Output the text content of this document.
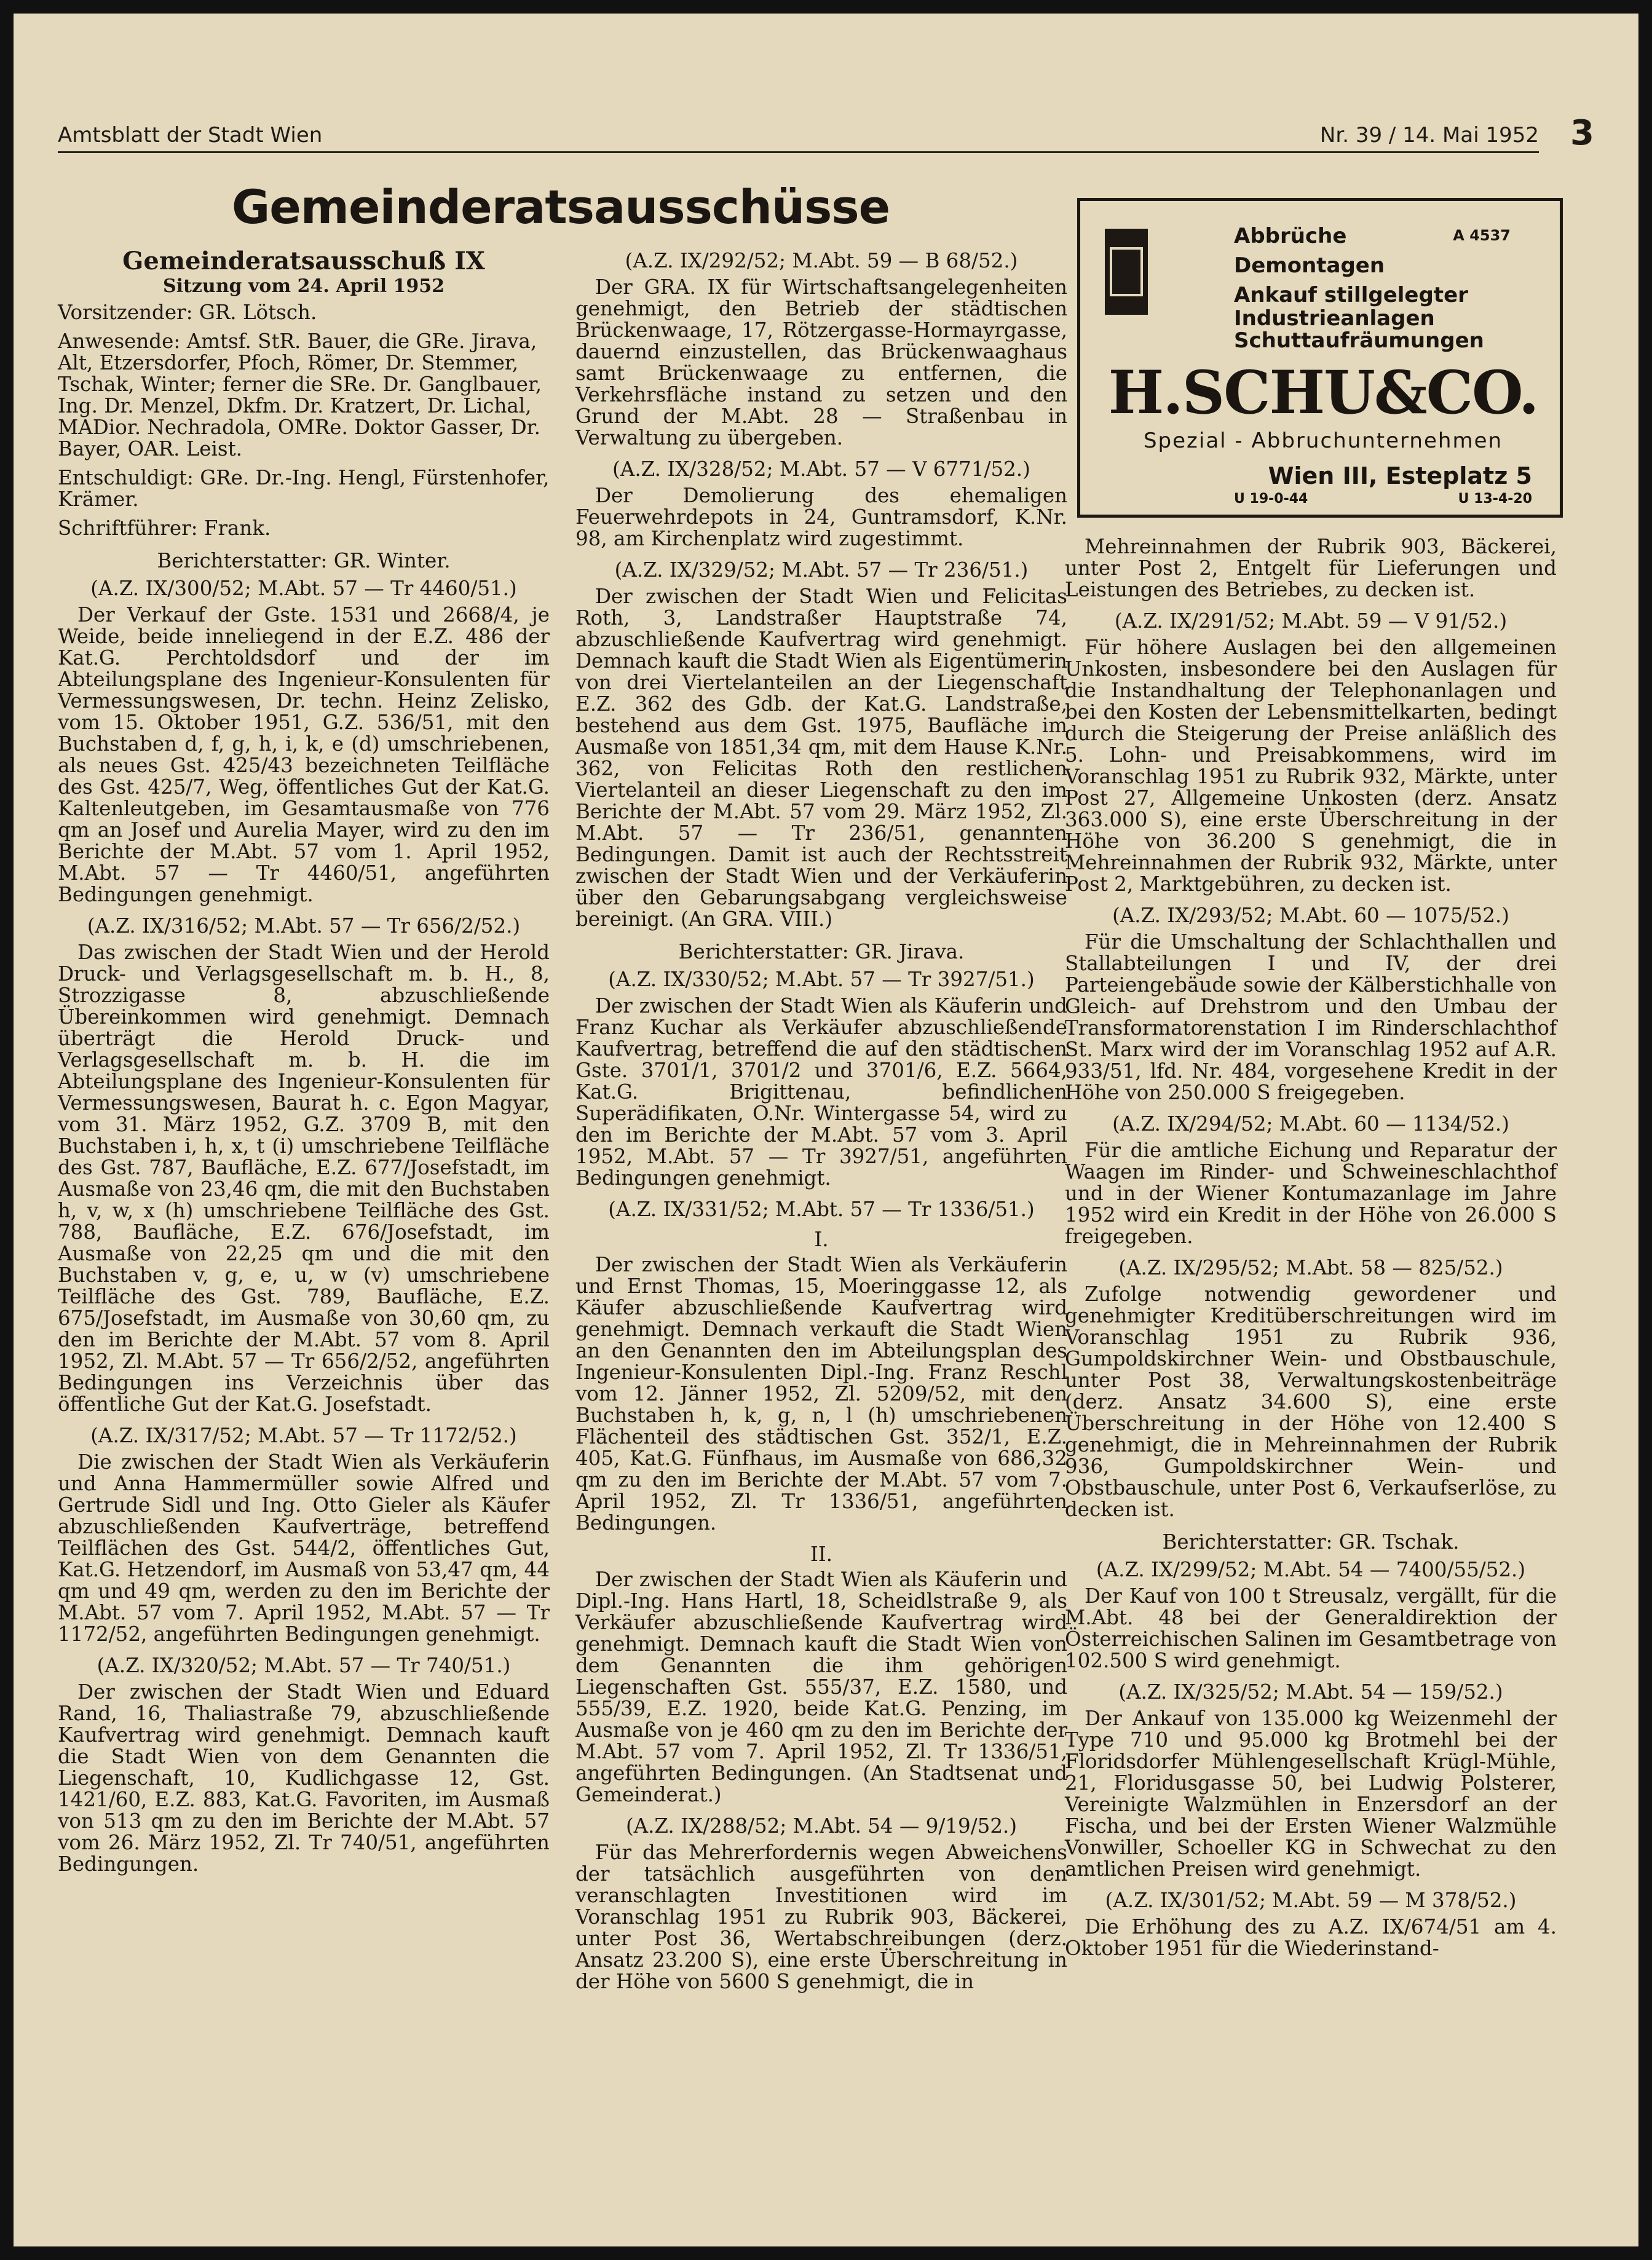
Amtsblatt der Stadt Wien	Nr. 39 / 14. Mai 1952 3
Gemeinderatsausschüsse
Gemeinderatsausschuß IX
Sitzung vom 24. April 1952

Vorsitzender: GR. Lötsch.

Anwesende: Amtsf. StR. Bauer, die GRe. Jirava, Alt, Etzersdorfer, Pfoch, Römer, Dr. Stemmer, Tschak, Winter; ferner die SRe. Dr. Ganglbauer, Ing. Dr. Menzel, Dkfm. Dr. Kratzert, Dr. Lichal, MADior. Nechradola, OMRe. Doktor Gasser, Dr. Bayer, OAR. Leist.

Entschuldigt: GRe. Dr.-Ing. Hengl, Fürstenhofer, Krämer.

Schriftführer: Frank.

Berichterstatter: GR. Winter.

(A.Z. IX/300/52; M.Abt. 57 — Tr 4460/51.)

Der Verkauf der Gste. 1531 und 2668/4, je Weide, beide inneliegend in der E.Z. 486 der Kat.G. Perchtoldsdorf und der im Abteilungsplane des Ingenieur-Konsulenten für Vermessungswesen, Dr. techn. Heinz Zelisko, vom 15. Oktober 1951, G.Z. 536/51, mit den Buchstaben d, f, g, h, i, k, e (d) umschriebenen, als neues Gst. 425/43 bezeichneten Teilfläche des Gst. 425/7, Weg, öffentliches Gut der Kat.G. Kaltenleutgeben, im Gesamtausmaße von 776 qm an Josef und Aurelia Mayer, wird zu den im Berichte der M.Abt. 57 vom 1. April 1952, M.Abt. 57 — Tr 4460/51, angeführten Bedingungen genehmigt.

(A.Z. IX/316/52; M.Abt. 57 — Tr 656/2/52.)

Das zwischen der Stadt Wien und der Herold Druck- und Verlagsgesellschaft m. b. H., 8, Strozzigasse 8, abzuschließende Übereinkommen wird genehmigt. Demnach überträgt die Herold Druck- und Verlagsgesellschaft m. b. H. die im Abteilungsplane des Ingenieur-Konsulenten für Vermessungswesen, Baurat h. c. Egon Magyar, vom 31. März 1952, G.Z. 3709 B, mit den Buchstaben i, h, x, t (i) umschriebene Teilfläche des Gst. 787, Baufläche, E.Z. 677/Josefstadt, im Ausmaße von 23,46 qm, die mit den Buchstaben h, v, w, x (h) umschriebene Teilfläche des Gst. 788, Baufläche, E.Z. 676/Josefstadt, im Ausmaße von 22,25 qm und die mit den Buchstaben v, g, e, u, w (v) umschriebene Teilfläche des Gst. 789, Baufläche, E.Z. 675/Josefstadt, im Ausmaße von 30,60 qm, zu den im Berichte der M.Abt. 57 vom 8. April 1952, Zl. M.Abt. 57 — Tr 656/2/52, angeführten Bedingungen ins Verzeichnis über das öffentliche Gut der Kat.G. Josefstadt.

(A.Z. IX/317/52; M.Abt. 57 — Tr 1172/52.)

Die zwischen der Stadt Wien als Verkäuferin und Anna Hammermüller sowie Alfred und Gertrude Sidl und Ing. Otto Gieler als Käufer abzuschließenden Kaufverträge, betreffend Teilflächen des Gst. 544/2, öffentliches Gut, Kat.G. Hetzendorf, im Ausmaß von 53,47 qm, 44 qm und 49 qm, werden zu den im Berichte der M.Abt. 57 vom 7. April 1952, M.Abt. 57 — Tr 1172/52, angeführten Bedingungen genehmigt.

(A.Z. IX/320/52; M.Abt. 57 — Tr 740/51.)

Der zwischen der Stadt Wien und Eduard Rand, 16, Thaliastraße 79, abzuschließende Kaufvertrag wird genehmigt. Demnach kauft die Stadt Wien von dem Genannten die Liegenschaft, 10, Kudlichgasse 12, Gst. 1421/60, E.Z. 883, Kat.G. Favoriten, im Ausmaß von 513 qm zu den im Berichte der M.Abt. 57 vom 26. März 1952, Zl. Tr 740/51, angeführten Bedingungen.

(A.Z. IX/292/52; M.Abt. 59 — B 68/52.)

Der GRA. IX für Wirtschaftsangelegenheiten genehmigt, den Betrieb der städtischen Brückenwaage, 17, Rötzergasse-Hormayrgasse, dauernd einzustellen, das Brückenwaaghaus samt Brückenwaage zu entfernen, die Verkehrsfläche instand zu setzen und den Grund der M.Abt. 28 — Straßenbau in Verwaltung zu übergeben.

(A.Z. IX/328/52; M.Abt. 57 — V 6771/52.)

Der Demolierung des ehemaligen Feuerwehrdepots in 24, Guntramsdorf, K.Nr. 98, am Kirchenplatz wird zugestimmt.

(A.Z. IX/329/52; M.Abt. 57 — Tr 236/51.)

Der zwischen der Stadt Wien und Felicitas Roth, 3, Landstraßer Hauptstraße 74, abzuschließende Kaufvertrag wird genehmigt. Demnach kauft die Stadt Wien als Eigentümerin von drei Viertelanteilen an der Liegenschaft E.Z. 362 des Gdb. der Kat.G. Landstraße, bestehend aus dem Gst. 1975, Baufläche im Ausmaße von 1851,34 qm, mit dem Hause K.Nr. 362, von Felicitas Roth den restlichen Viertelanteil an dieser Liegenschaft zu den im Berichte der M.Abt. 57 vom 29. März 1952, Zl. M.Abt. 57 — Tr 236/51, genannten Bedingungen. Damit ist auch der Rechtsstreit zwischen der Stadt Wien und der Verkäuferin über den Gebarungsabgang vergleichsweise bereinigt. (An GRA. VIII.)

Berichterstatter: GR. Jirava.

(A.Z. IX/330/52; M.Abt. 57 — Tr 3927/51.)

Der zwischen der Stadt Wien als Käuferin und Franz Kuchar als Verkäufer abzuschließende Kaufvertrag, betreffend die auf den städtischen Gste. 3701/1, 3701/2 und 3701/6, E.Z. 5664, Kat.G. Brigittenau, befindlichen Superädifikaten, O.Nr. Wintergasse 54, wird zu den im Berichte der M.Abt. 57 vom 3. April 1952, M.Abt. 57 — Tr 3927/51, angeführten Bedingungen genehmigt.

(A.Z. IX/331/52; M.Abt. 57 — Tr 1336/51.)

I.

Der zwischen der Stadt Wien als Verkäuferin und Ernst Thomas, 15, Moeringgasse 12, als Käufer abzuschließende Kaufvertrag wird genehmigt. Demnach verkauft die Stadt Wien an den Genannten den im Abteilungsplan des Ingenieur-Konsulenten Dipl.-Ing. Franz Reschl vom 12. Jänner 1952, Zl. 5209/52, mit den Buchstaben h, k, g, n, l (h) umschriebenen Flächenteil des städtischen Gst. 352/1, E.Z. 405, Kat.G. Fünfhaus, im Ausmaße von 686,32 qm zu den im Berichte der M.Abt. 57 vom 7. April 1952, Zl. Tr 1336/51, angeführten Bedingungen.

II.

Der zwischen der Stadt Wien als Käuferin und Dipl.-Ing. Hans Hartl, 18, Scheidlstraße 9, als Verkäufer abzuschließende Kaufvertrag wird genehmigt. Demnach kauft die Stadt Wien von dem Genannten die ihm gehörigen Liegenschaften Gst. 555/37, E.Z. 1580, und 555/39, E.Z. 1920, beide Kat.G. Penzing, im Ausmaße von je 460 qm zu den im Berichte der M.Abt. 57 vom 7. April 1952, Zl. Tr 1336/51, angeführten Bedingungen. (An Stadtsenat und Gemeinderat.)

(A.Z. IX/288/52; M.Abt. 54 — 9/19/52.)

Für das Mehrerfordernis wegen Abweichens der tatsächlich ausgeführten von den veranschlagten Investitionen wird im Voranschlag 1951 zu Rubrik 903, Bäckerei, unter Post 36, Wertabschreibungen (derz. Ansatz 23.200 S), eine erste Überschreitung in der Höhe von 5600 S genehmigt, die in

A 4537
Abbrüche
Demontagen
Ankauf stillgelegter Industrieanlagen
Schuttaufräumungen
H.SCHU&CO.
Spezial - Abbruchunternehmen
Wien III, Esteplatz 5
U 19-0-44	U 13-4-20

Mehreinnahmen der Rubrik 903, Bäckerei, unter Post 2, Entgelt für Lieferungen und Leistungen des Betriebes, zu decken ist.

(A.Z. IX/291/52; M.Abt. 59 — V 91/52.)

Für höhere Auslagen bei den allgemeinen Unkosten, insbesondere bei den Auslagen für die Instandhaltung der Telephonanlagen und bei den Kosten der Lebensmittelkarten, bedingt durch die Steigerung der Preise anläßlich des 5. Lohn- und Preisabkommens, wird im Voranschlag 1951 zu Rubrik 932, Märkte, unter Post 27, Allgemeine Unkosten (derz. Ansatz 363.000 S), eine erste Überschreitung in der Höhe von 36.200 S genehmigt, die in Mehreinnahmen der Rubrik 932, Märkte, unter Post 2, Marktgebühren, zu decken ist.

(A.Z. IX/293/52; M.Abt. 60 — 1075/52.)

Für die Umschaltung der Schlachthallen und Stallabteilungen I und IV, der drei Parteiengebäude sowie der Kälberstichhalle von Gleich- auf Drehstrom und den Umbau der Transformatorenstation I im Rinderschlachthof St. Marx wird der im Voranschlag 1952 auf A.R. 933/51, lfd. Nr. 484, vorgesehene Kredit in der Höhe von 250.000 S freigegeben.

(A.Z. IX/294/52; M.Abt. 60 — 1134/52.)

Für die amtliche Eichung und Reparatur der Waagen im Rinder- und Schweineschlachthof und in der Wiener Kontumazanlage im Jahre 1952 wird ein Kredit in der Höhe von 26.000 S freigegeben.

(A.Z. IX/295/52; M.Abt. 58 — 825/52.)

Zufolge notwendig gewordener und genehmigter Kreditüberschreitungen wird im Voranschlag 1951 zu Rubrik 936, Gumpoldskirchner Wein- und Obstbauschule, unter Post 38, Verwaltungskostenbeiträge (derz. Ansatz 34.600 S), eine erste Überschreitung in der Höhe von 12.400 S genehmigt, die in Mehreinnahmen der Rubrik 936, Gumpoldskirchner Wein- und Obstbauschule, unter Post 6, Verkaufserlöse, zu decken ist.

Berichterstatter: GR. Tschak.

(A.Z. IX/299/52; M.Abt. 54 — 7400/55/52.)

Der Kauf von 100 t Streusalz, vergällt, für die M.Abt. 48 bei der Generaldirektion der Österreichischen Salinen im Gesamtbetrage von 102.500 S wird genehmigt.

(A.Z. IX/325/52; M.Abt. 54 — 159/52.)

Der Ankauf von 135.000 kg Weizenmehl der Type 710 und 95.000 kg Brotmehl bei der Floridsdorfer Mühlengesellschaft Krügl-Mühle, 21, Floridusgasse 50, bei Ludwig Polsterer, Vereinigte Walzmühlen in Enzersdorf an der Fischa, und bei der Ersten Wiener Walzmühle Vonwiller, Schoeller KG in Schwechat zu den amtlichen Preisen wird genehmigt.

(A.Z. IX/301/52; M.Abt. 59 — M 378/52.)

Die Erhöhung des zu A.Z. IX/674/51 am 4. Oktober 1951 für die Wiederinstand-
